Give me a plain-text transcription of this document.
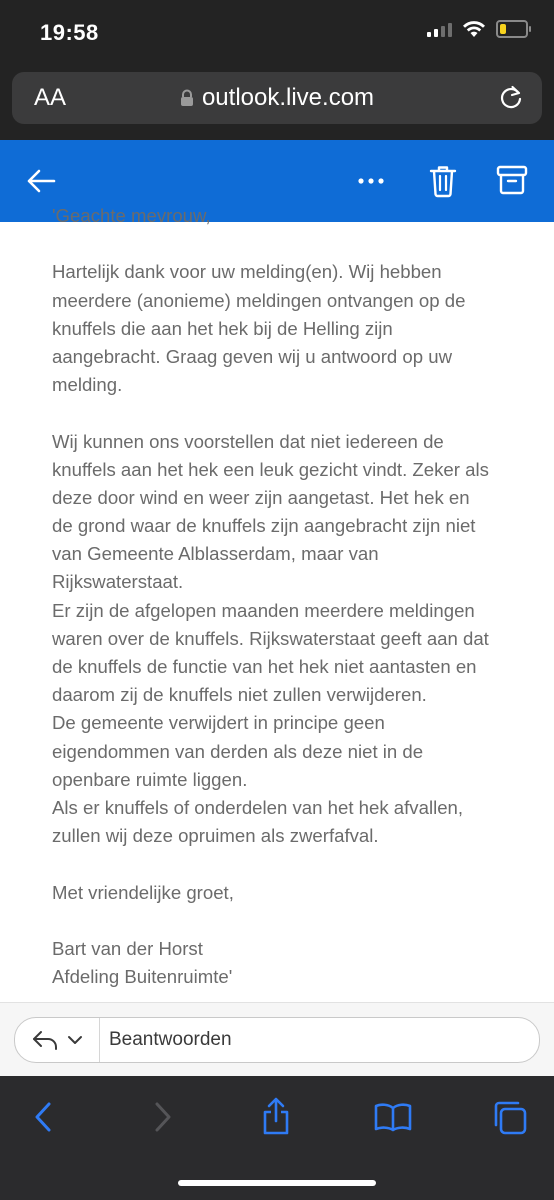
19:58
AA	outlook.live.com
'Geachte mevrouw,
Hartelijk dank voor uw melding(en). Wij hebben
meerdere (anonieme) meldingen ontvangen op de
knuffels die aan het hek bij de Helling zijn
aangebracht. Graag geven wij u antwoord op uw
melding.
Wij kunnen ons voorstellen dat niet iedereen de
knuffels aan het hek een leuk gezicht vindt. Zeker als
deze door wind en weer zijn aangetast. Het hek en
de grond waar de knuffels zijn aangebracht zijn niet
van Gemeente Alblasserdam, maar van
Rijkswaterstaat.
Er zijn de afgelopen maanden meerdere meldingen
waren over de knuffels. Rijkswaterstaat geeft aan dat
de knuffels de functie van het hek niet aantasten en
daarom zij de knuffels niet zullen verwijderen.
De gemeente verwijdert in principe geen
eigendommen van derden als deze niet in de
openbare ruimte liggen.
Als er knuffels of onderdelen van het hek afvallen,
zullen wij deze opruimen als zwerfafval.
Met vriendelijke groet,
Bart van der Horst
Afdeling Buitenruimte'
Beantwoorden
